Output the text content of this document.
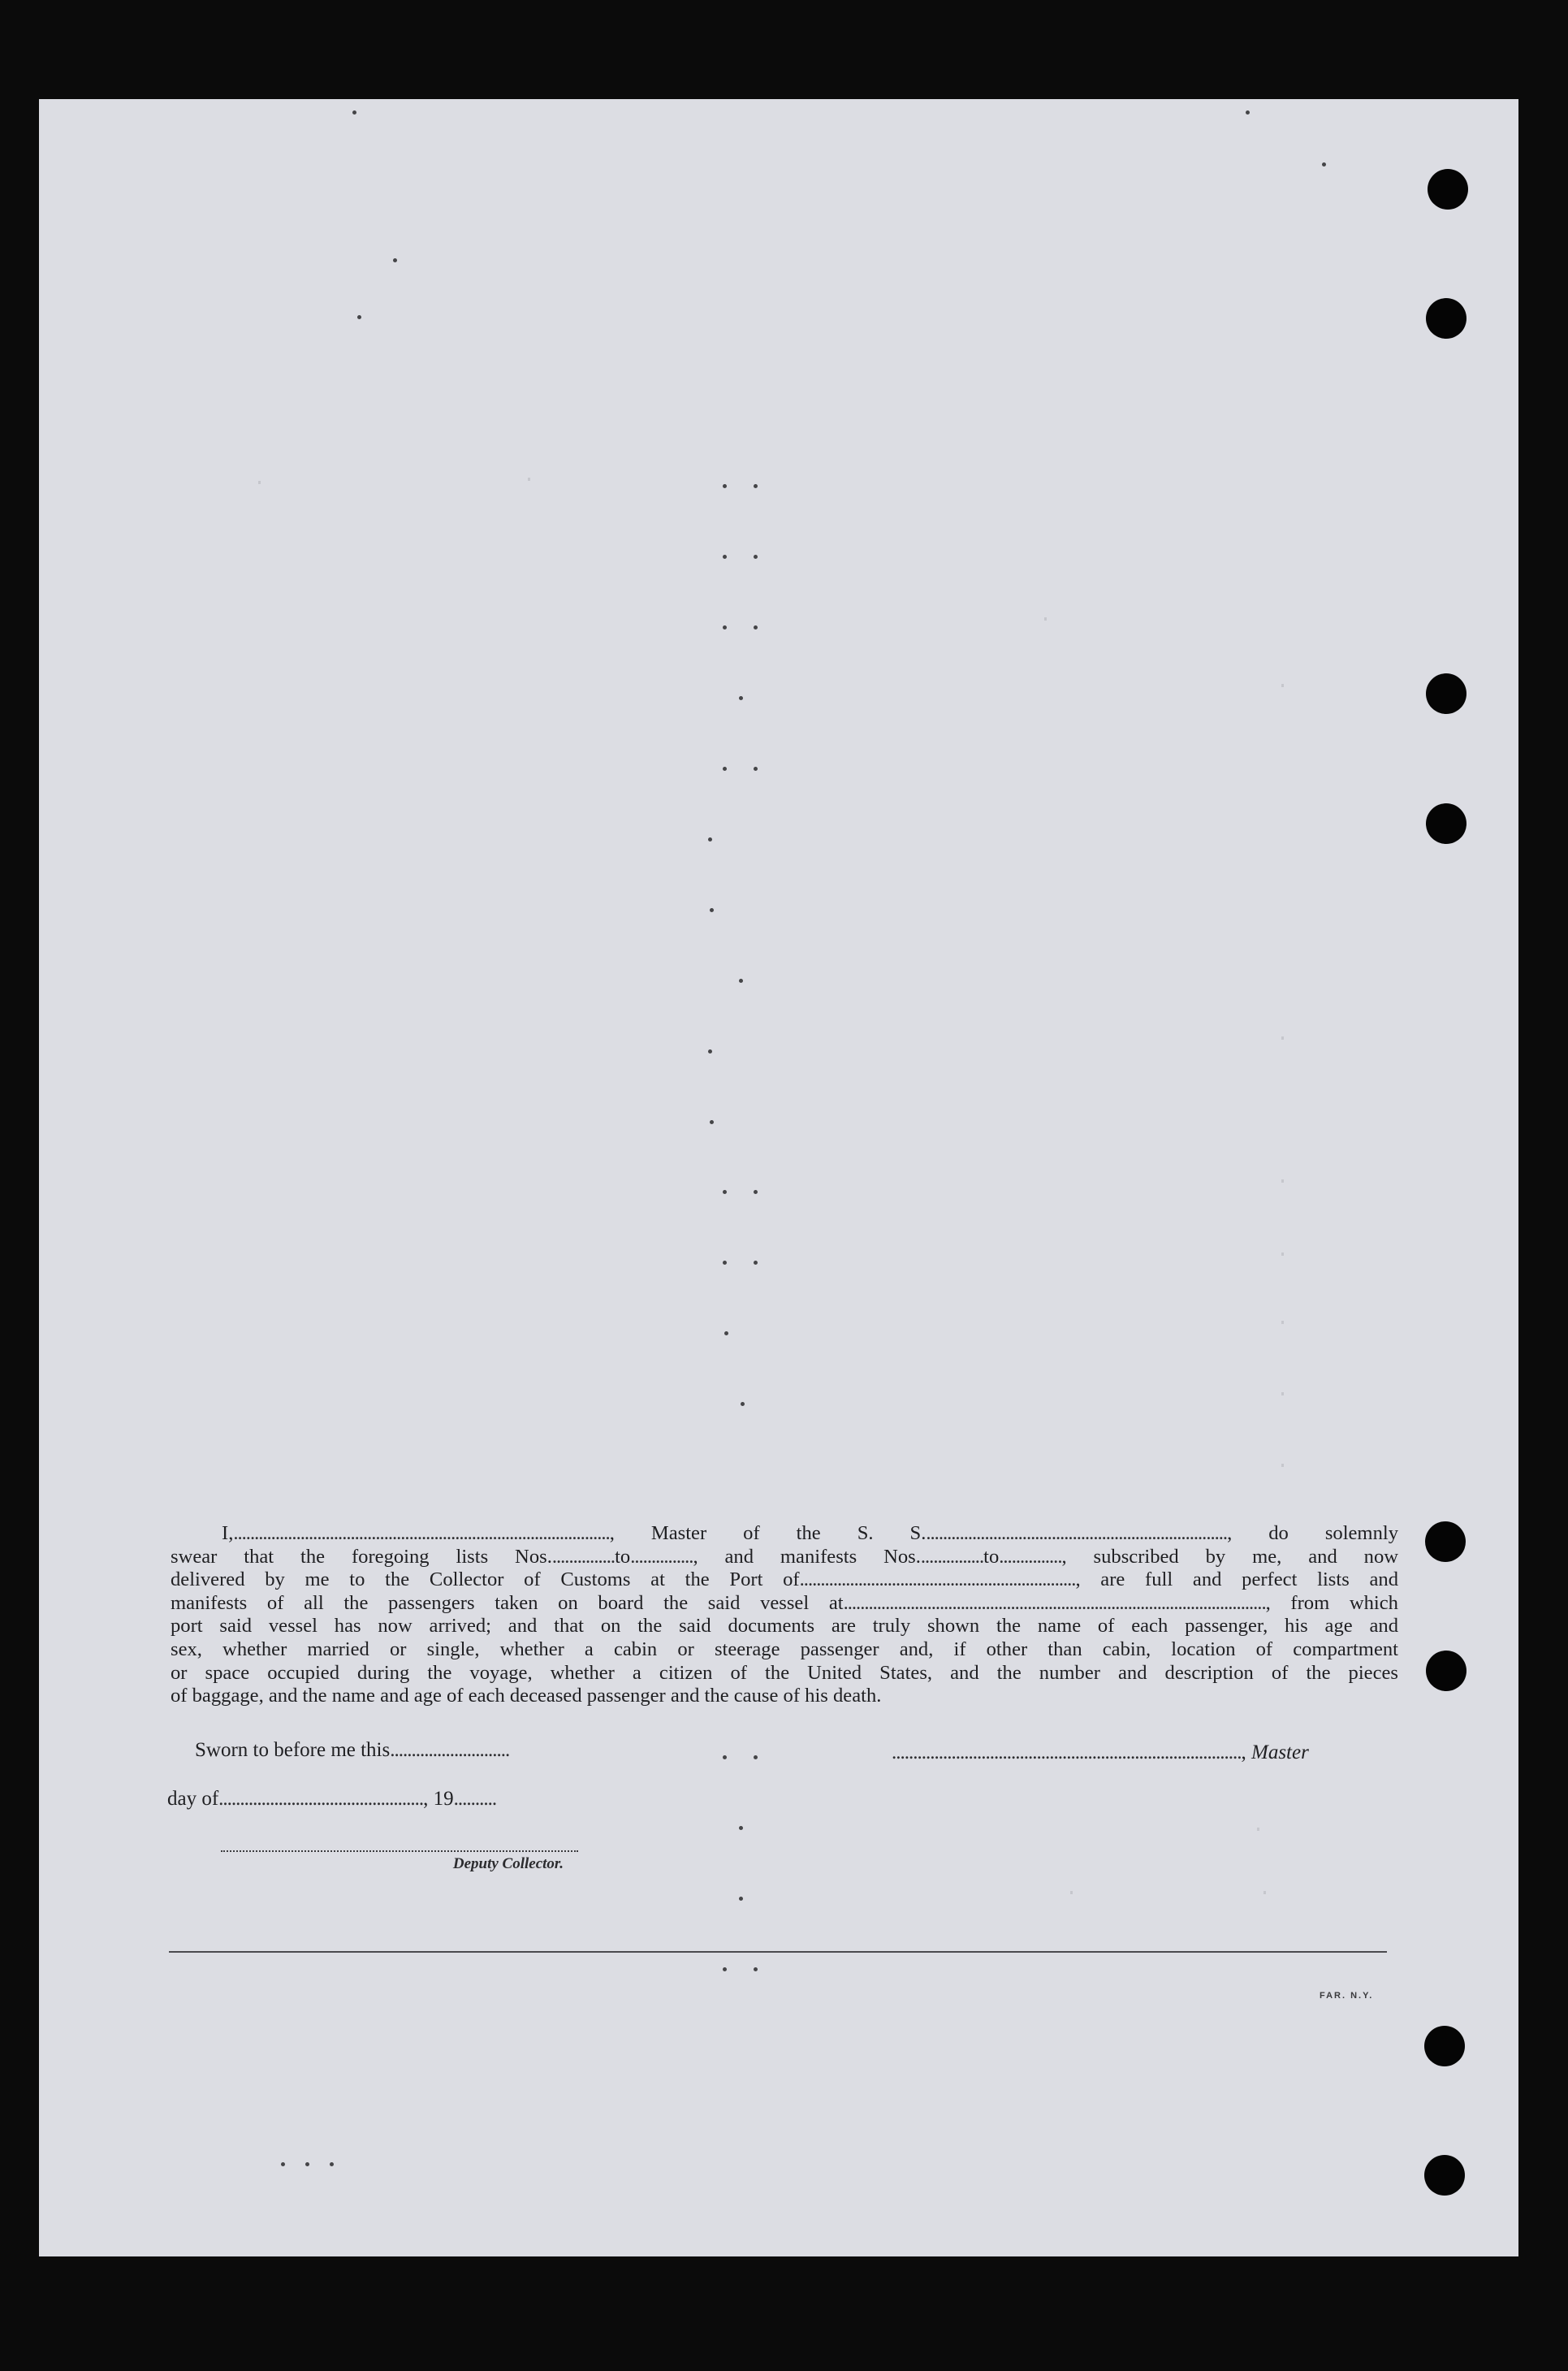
I,.........................................................................................., Master of the S. S........................................................................., do solemnly

swear that the foregoing lists Nos................to..............., and manifests Nos................to..............., subscribed by me, and now

delivered by me to the Collector of Customs at the Port of.................................................................., are full and perfect lists and

manifests of all the passengers taken on board the said vessel at....................................................................................................., from which

port said vessel has now arrived; and that on the said documents are truly shown the name of each passenger, his age and

sex, whether married or single, whether a cabin or steerage passenger and, if other than cabin, location of compartment

or space occupied during the voyage, whether a citizen of the United States, and the number and description of the pieces

of baggage, and the name and age of each deceased passenger and the cause of his death.

Sworn to before me this............................	.................................................................................., Master
day of................................................, 19..........
Deputy Collector.
FAR. N.Y.
